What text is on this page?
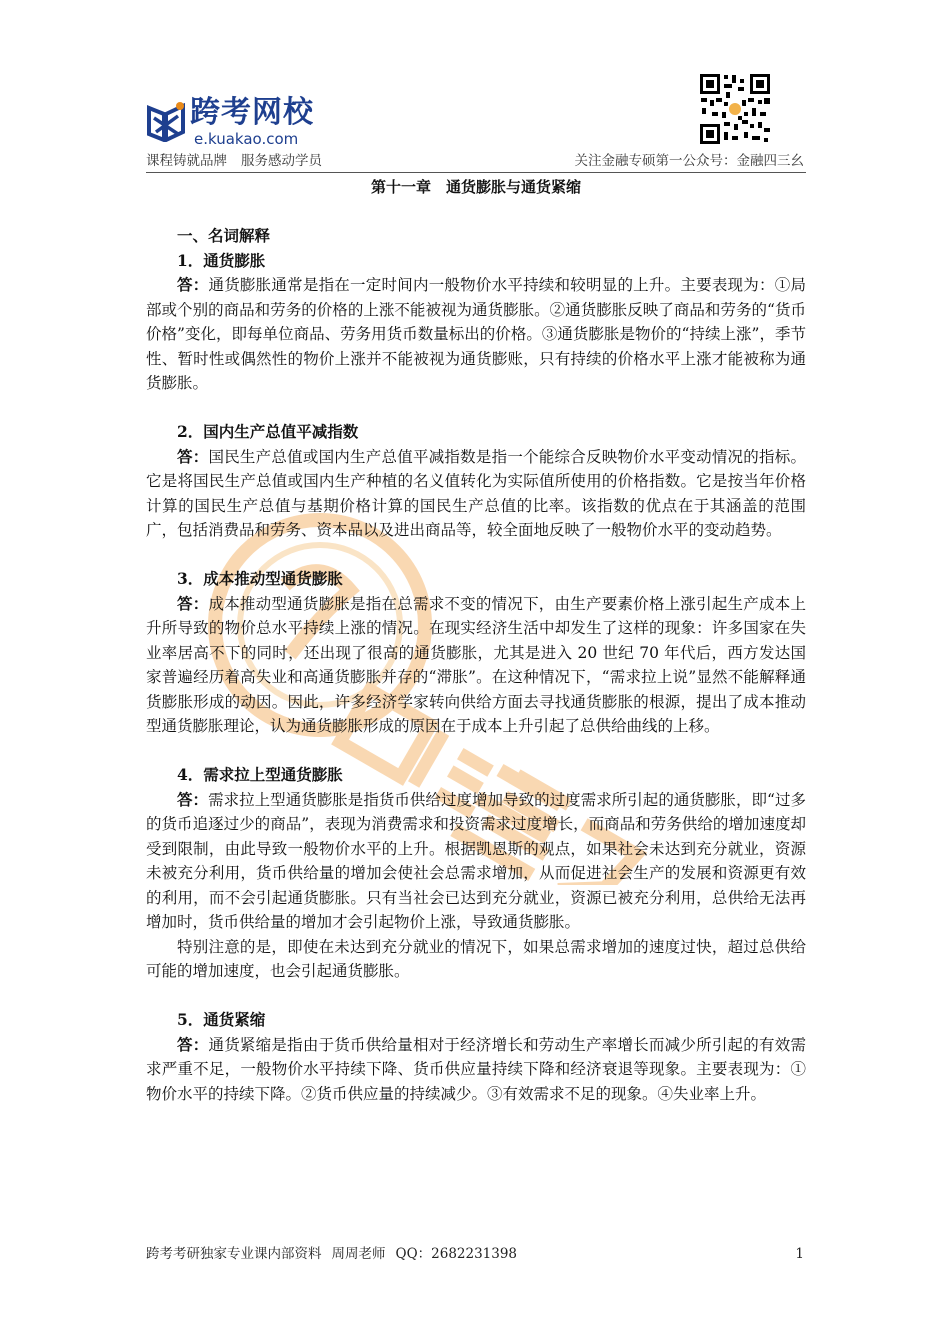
跨考网校
e.kuakao.com
课程铸就品牌 服务感动学员	关注金融专硕第一公众号：金融四三幺
第十一章　通货膨胀与通货紧缩

一、名词解释

1．通货膨胀

答：通货膨胀通常是指在一定时间内一般物价水平持续和较明显的上升。主要表现为：①局部或个别的商品和劳务的价格的上涨不能被视为通货膨胀。②通货膨胀反映了商品和劳务的“货币价格”变化，即每单位商品、劳务用货币数量标出的价格。③通货膨胀是物价的“持续上涨”，季节性、暂时性或偶然性的物价上涨并不能被视为通货膨账，只有持续的价格水平上涨才能被称为通货膨胀。

2．国内生产总值平减指数

答：国民生产总值或国内生产总值平减指数是指一个能综合反映物价水平变动情况的指标。它是将国民生产总值或国内生产种植的名义值转化为实际值所使用的价格指数。它是按当年价格计算的国民生产总值与基期价格计算的国民生产总值的比率。该指数的优点在于其涵盖的范围广，包括消费品和劳务、资本品以及进出商品等，较全面地反映了一般物价水平的变动趋势。

3．成本推动型通货膨胀

答：成本推动型通货膨胀是指在总需求不变的情况下，由生产要素价格上涨引起生产成本上升所导致的物价总水平持续上涨的情况。在现实经济生活中却发生了这样的现象：许多国家在失业率居高不下的同时，还出现了很高的通货膨胀，尤其是进入 20 世纪 70 年代后，西方发达国家普遍经历着高失业和高通货膨胀并存的“滞胀”。在这种情况下，“需求拉上说”显然不能解释通货膨胀形成的动因。因此，许多经济学家转向供给方面去寻找通货膨胀的根源，提出了成本推动型通货膨胀理论，认为通货膨胀形成的原因在于成本上升引起了总供给曲线的上移。

4．需求拉上型通货膨胀

答：需求拉上型通货膨胀是指货币供给过度增加导致的过度需求所引起的通货膨胀，即“过多的货币追逐过少的商品”，表现为消费需求和投资需求过度增长，而商品和劳务供给的增加速度却受到限制，由此导致一般物价水平的上升。根据凯恩斯的观点，如果社会未达到充分就业，资源未被充分利用，货币供给量的增加会使社会总需求增加，从而促进社会生产的发展和资源更有效的利用，而不会引起通货膨胀。只有当社会已达到充分就业，资源已被充分利用，总供给无法再增加时，货币供给量的增加才会引起物价上涨，导致通货膨胀。

特别注意的是，即使在未达到充分就业的情况下，如果总需求增加的速度过快，超过总供给可能的增加速度，也会引起通货膨胀。

5．通货紧缩

答：通货紧缩是指由于货币供给量相对于经济增长和劳动生产率增长而减少所引起的有效需求严重不足，一般物价水平持续下降、货币供应量持续下降和经济衰退等现象。主要表现为：①物价水平的持续下降。②货币供应量的持续减少。③有效需求不足的现象。④失业率上升。

跨考考研独家专业课内部资料 周周老师 QQ：2682231398	1
